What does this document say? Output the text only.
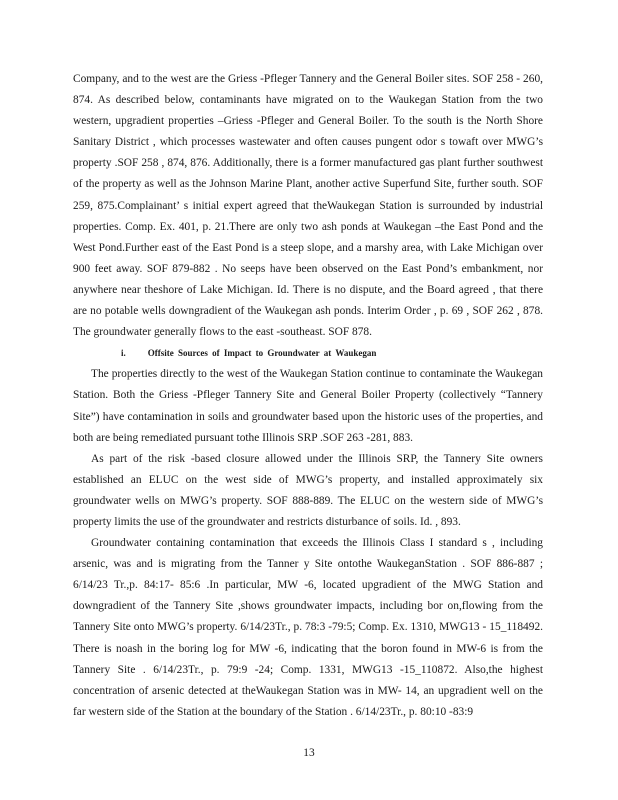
Company, and to the west are the Griess -Pfleger Tannery and the General Boiler sites. SOF 258 - 260, 874. As described below, contaminants have migrated on to the Waukegan Station from the two western, upgradient properties –Griess -Pfleger and General Boiler. To the south is the North Shore Sanitary District , which processes wastewater and often causes pungent odor s towaft over MWG’s property .SOF 258 , 874, 876. Additionally, there is a former manufactured gas plant further southwest of the property as well as the Johnson Marine Plant, another active Superfund Site, further south. SOF 259, 875.Complainant’ s initial expert agreed that theWaukegan Station is surrounded by industrial properties. Comp. Ex. 401, p. 21.There are only two ash ponds at Waukegan –the East Pond and the West Pond.Further east of the East Pond is a steep slope, and a marshy area, with Lake Michigan over 900 feet away. SOF 879-882 . No seeps have been observed on the East Pond’s embankment, nor anywhere near theshore of Lake Michigan. Id. There is no dispute, and the Board agreed , that there are no potable wells downgradient of the Waukegan ash ponds. Interim Order , p. 69 , SOF 262 , 878. The groundwater generally flows to the east -southeast. SOF 878.

i. Offsite Sources of Impact to Groundwater at Waukegan

The properties directly to the west of the Waukegan Station continue to contaminate the Waukegan Station. Both the Griess -Pfleger Tannery Site and General Boiler Property (collectively “Tannery Site”) have contamination in soils and groundwater based upon the historic uses of the properties, and both are being remediated pursuant tothe Illinois SRP .SOF 263 -281, 883.

As part of the risk -based closure allowed under the Illinois SRP, the Tannery Site owners established an ELUC on the west side of MWG’s property, and installed approximately six groundwater wells on MWG’s property. SOF 888-889. The ELUC on the western side of MWG’s property limits the use of the groundwater and restricts disturbance of soils. Id. , 893.

Groundwater containing contamination that exceeds the Illinois Class I standard s , including arsenic, was and is migrating from the Tanner y Site ontothe WaukeganStation . SOF 886-887 ; 6/14/23 Tr.,p. 84:17- 85:6 .In particular, MW -6, located upgradient of the MWG Station and downgradient of the Tannery Site ,shows groundwater impacts, including bor on,flowing from the Tannery Site onto MWG’s property. 6/14/23Tr., p. 78:3 -79:5; Comp. Ex. 1310, MWG13 - 15_118492. There is noash in the boring log for MW -6, indicating that the boron found in MW-6 is from the Tannery Site . 6/14/23Tr., p. 79:9 -24; Comp. 1331, MWG13 -15_110872. Also,the highest concentration of arsenic detected at theWaukegan Station was in MW- 14, an upgradient well on the far western side of the Station at the boundary of the Station . 6/14/23Tr., p. 80:10 -83:9

13
